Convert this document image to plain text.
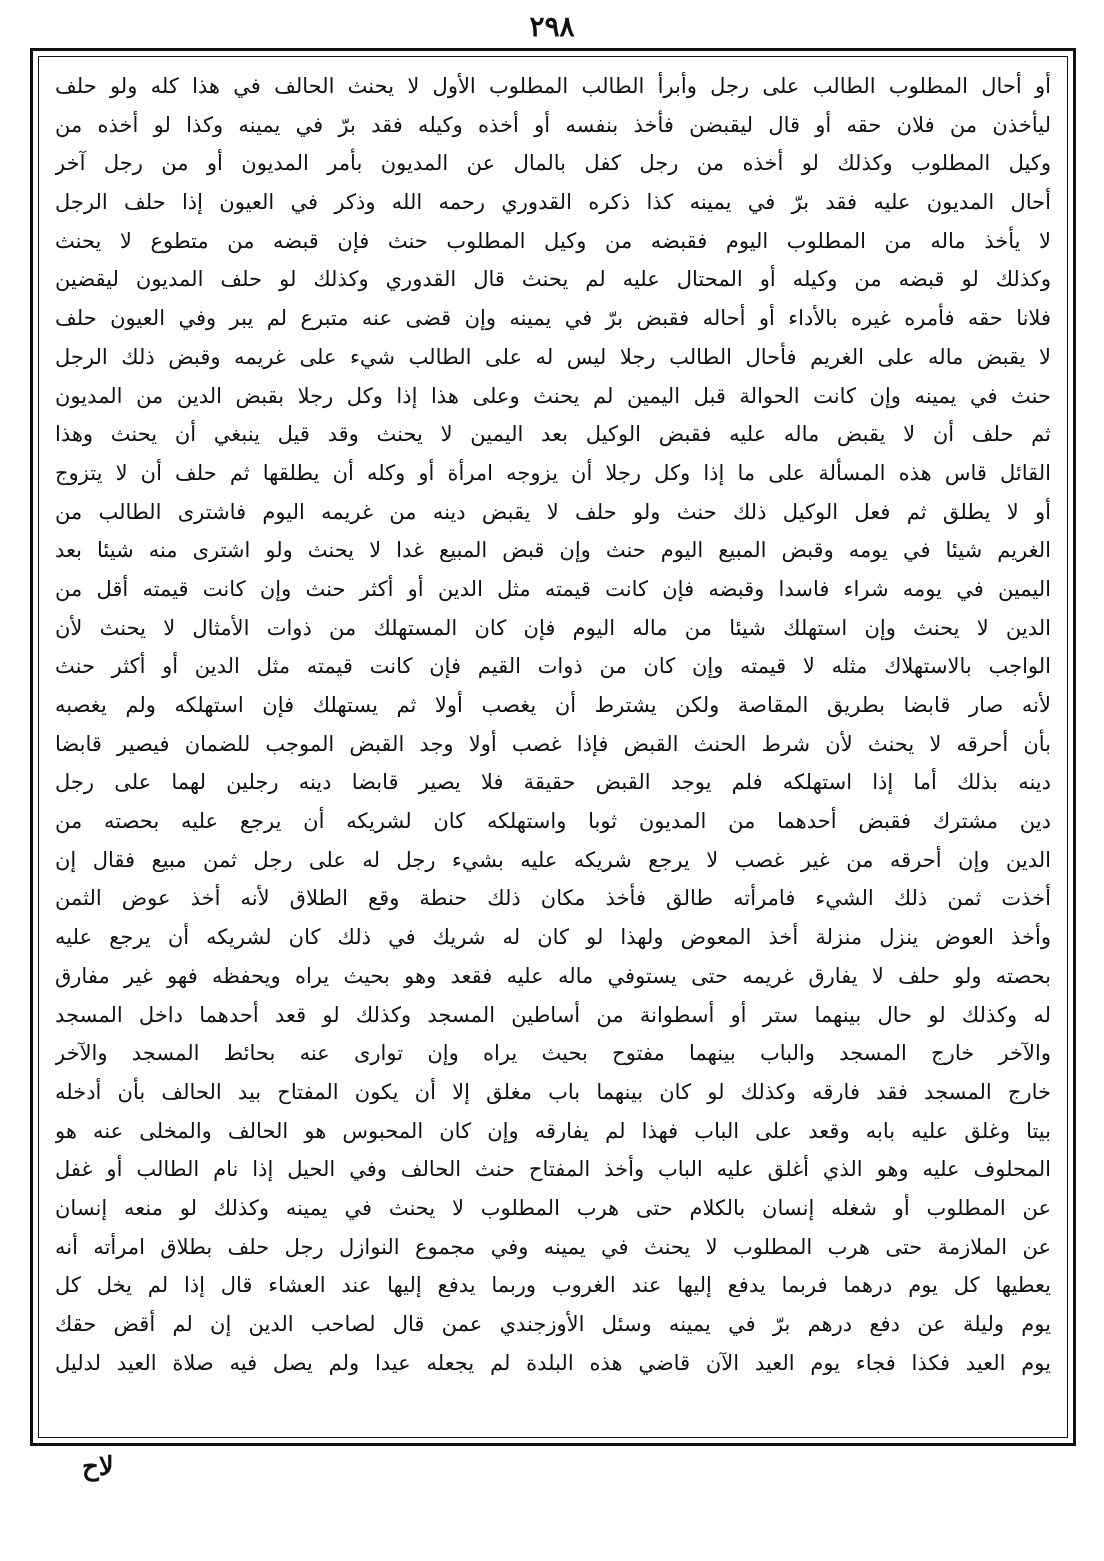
٢٩٨
أو أحال المطلوب الطالب على رجل وأبرأ الطالب المطلوب الأول لا يحنث الحالف في هذا كله ولو حلف
ليأخذن من فلان حقه أو قال ليقبضن فأخذ بنفسه أو أخذه وكيله فقد برّ في يمينه وكذا لو أخذه من
وكيل المطلوب وكذلك لو أخذه من رجل كفل بالمال عن المديون بأمر المديون أو من رجل آخر
أحال المديون عليه فقد برّ في يمينه كذا ذكره القدوري رحمه الله وذكر في العيون إذا حلف الرجل
لا يأخذ ماله من المطلوب اليوم فقبضه من وكيل المطلوب حنث فإن قبضه من متطوع لا يحنث
وكذلك لو قبضه من وكيله أو المحتال عليه لم يحنث قال القدوري وكذلك لو حلف المديون ليقضين
فلانا حقه فأمره غيره بالأداء أو أحاله فقبض برّ في يمينه وإن قضى عنه متبرع لم يبر وفي العيون حلف
لا يقبض ماله على الغريم فأحال الطالب رجلا ليس له على الطالب شيء على غريمه وقبض ذلك الرجل
حنث في يمينه وإن كانت الحوالة قبل اليمين لم يحنث وعلى هذا إذا وكل رجلا بقبض الدين من المديون
ثم حلف أن لا يقبض ماله عليه فقبض الوكيل بعد اليمين لا يحنث وقد قيل ينبغي أن يحنث وهذا
القائل قاس هذه المسألة على ما إذا وكل رجلا أن يزوجه امرأة أو وكله أن يطلقها ثم حلف أن لا يتزوج
أو لا يطلق ثم فعل الوكيل ذلك حنث ولو حلف لا يقبض دينه من غريمه اليوم فاشترى الطالب من
الغريم شيئا في يومه وقبض المبيع اليوم حنث وإن قبض المبيع غدا لا يحنث ولو اشترى منه شيئا بعد
اليمين في يومه شراء فاسدا وقبضه فإن كانت قيمته مثل الدين أو أكثر حنث وإن كانت قيمته أقل من
الدين لا يحنث وإن استهلك شيئا من ماله اليوم فإن كان المستهلك من ذوات الأمثال لا يحنث لأن
الواجب بالاستهلاك مثله لا قيمته وإن كان من ذوات القيم فإن كانت قيمته مثل الدين أو أكثر حنث
لأنه صار قابضا بطريق المقاصة ولكن يشترط أن يغصب أولا ثم يستهلك فإن استهلكه ولم يغصبه
بأن أحرقه لا يحنث لأن شرط الحنث القبض فإذا غصب أولا وجد القبض الموجب للضمان فيصير قابضا
دينه بذلك أما إذا استهلكه فلم يوجد القبض حقيقة فلا يصير قابضا دينه رجلين لهما على رجل
دين مشترك فقبض أحدهما من المديون ثوبا واستهلكه كان لشريكه أن يرجع عليه بحصته من
الدين وإن أحرقه من غير غصب لا يرجع شريكه عليه بشيء رجل له على رجل ثمن مبيع فقال إن
أخذت ثمن ذلك الشيء فامرأته طالق فأخذ مكان ذلك حنطة وقع الطلاق لأنه أخذ عوض الثمن
وأخذ العوض ينزل منزلة أخذ المعوض ولهذا لو كان له شريك في ذلك كان لشريكه أن يرجع عليه
بحصته ولو حلف لا يفارق غريمه حتى يستوفي ماله عليه فقعد وهو بحيث يراه ويحفظه فهو غير مفارق
له وكذلك لو حال بينهما ستر أو أسطوانة من أساطين المسجد وكذلك لو قعد أحدهما داخل المسجد
والآخر خارج المسجد والباب بينهما مفتوح بحيث يراه وإن توارى عنه بحائط المسجد والآخر
خارج المسجد فقد فارقه وكذلك لو كان بينهما باب مغلق إلا أن يكون المفتاح بيد الحالف بأن أدخله
بيتا وغلق عليه بابه وقعد على الباب فهذا لم يفارقه وإن كان المحبوس هو الحالف والمخلى عنه هو
المحلوف عليه وهو الذي أغلق عليه الباب وأخذ المفتاح حنث الحالف وفي الحيل إذا نام الطالب أو غفل
عن المطلوب أو شغله إنسان بالكلام حتى هرب المطلوب لا يحنث في يمينه وكذلك لو منعه إنسان
عن الملازمة حتى هرب المطلوب لا يحنث في يمينه وفي مجموع النوازل رجل حلف بطلاق امرأته أنه
يعطيها كل يوم درهما فربما يدفع إليها عند الغروب وربما يدفع إليها عند العشاء قال إذا لم يخل كل
يوم وليلة عن دفع درهم برّ في يمينه وسئل الأوزجندي عمن قال لصاحب الدين إن لم أقض حقك
يوم العيد فكذا فجاء يوم العيد الآن قاضي هذه البلدة لم يجعله عيدا ولم يصل فيه صلاة العيد لدليل
لاح
